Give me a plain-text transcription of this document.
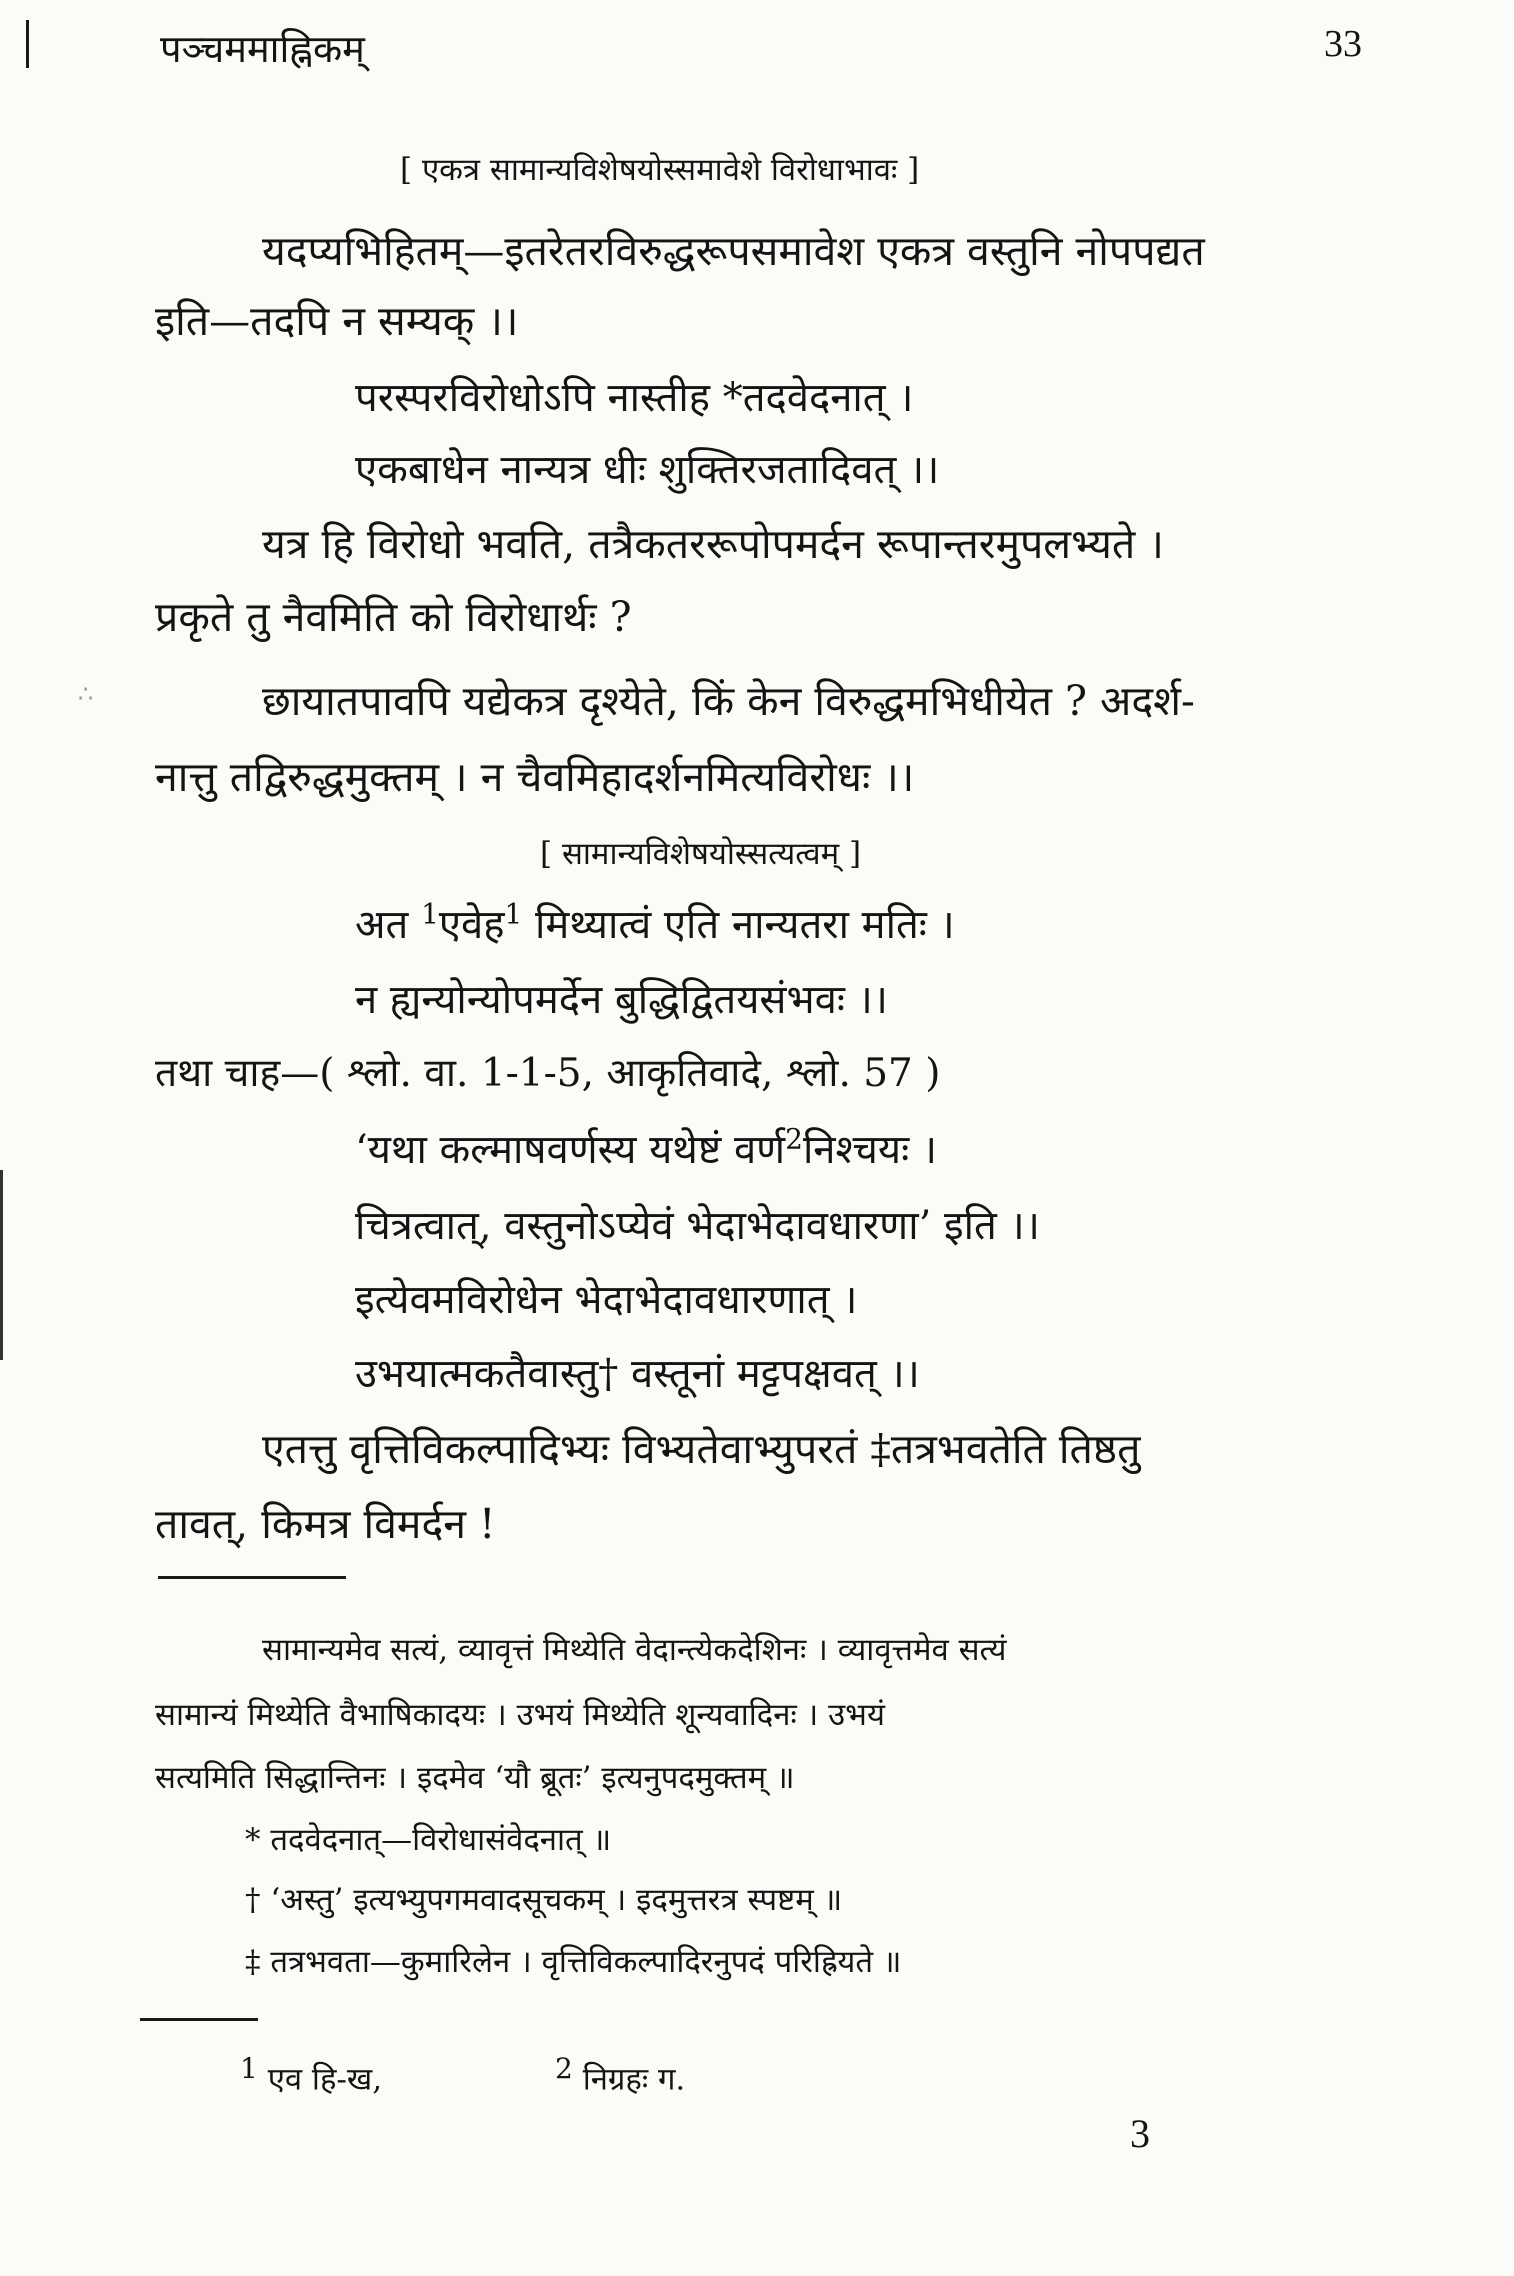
पञ्चममाह्निकम्	33
[ एकत्र सामान्यविशेषयोस्समावेशे विरोधाभावः ]
यदप्यभिहितम्—इतरेतरविरुद्धरूपसमावेश एकत्र वस्तुनि नोपपद्यत
इति—तदपि न सम्यक् ।।
परस्परविरोधोऽपि नास्तीह *तदवेदनात् ।
एकबाधेन नान्यत्र धीः शुक्तिरजतादिवत् ।।
यत्र हि विरोधो भवति, तत्रैकतररूपोपमर्दन रूपान्तरमुपलभ्यते ।
प्रकृते तु नैवमिति को विरोधार्थः ?
∴	छायातपावपि यद्येकत्र दृश्येते, किं केन विरुद्धमभिधीयेत ? अदर्श-
नात्तु तद्विरुद्धमुक्तम् । न चैवमिहादर्शनमित्यविरोधः ।।
[ सामान्यविशेषयोस्सत्यत्वम् ]
अत $^1$एवेह$^1$ मिथ्यात्वं एति नान्यतरा मतिः ।
न ह्यन्योन्योपमर्देन बुद्धिद्वितयसंभवः ।।
तथा चाह—( श्लो. वा. 1-1-5, आकृतिवादे, श्लो. 57 )
‘यथा कल्माषवर्णस्य यथेष्टं वर्ण$^2$निश्चयः ।
चित्रत्वात्, वस्तुनोऽप्येवं भेदाभेदावधारणा’ इति ।।
इत्येवमविरोधेन भेदाभेदावधारणात् ।
उभयात्मकतैवास्तु† वस्तूनां मट्टपक्षवत् ।।
एतत्तु वृत्तिविकल्पादिभ्यः विभ्यतेवाभ्युपरतं ‡तत्रभवतेति तिष्ठतु
तावत्, किमत्र विमर्दन !
सामान्यमेव सत्यं, व्यावृत्तं मिथ्येति वेदान्त्येकदेशिनः । व्यावृत्तमेव सत्यं
सामान्यं मिथ्येति वैभाषिकादयः । उभयं मिथ्येति शून्यवादिनः । उभयं
सत्यमिति सिद्धान्तिनः । इदमेव ‘यौ ब्रूतः’ इत्यनुपदमुक्तम् ॥
* तदवेदनात्—विरोधासंवेदनात् ॥
† ‘अस्तु’ इत्यभ्युपगमवादसूचकम् । इदमुत्तरत्र स्पष्टम् ॥
‡ तत्रभवता—कुमारिलेन । वृत्तिविकल्पादिरनुपदं परिह्रियते ॥
$^1$ एव हि-ख,	$^2$ निग्रहः ग.
3
